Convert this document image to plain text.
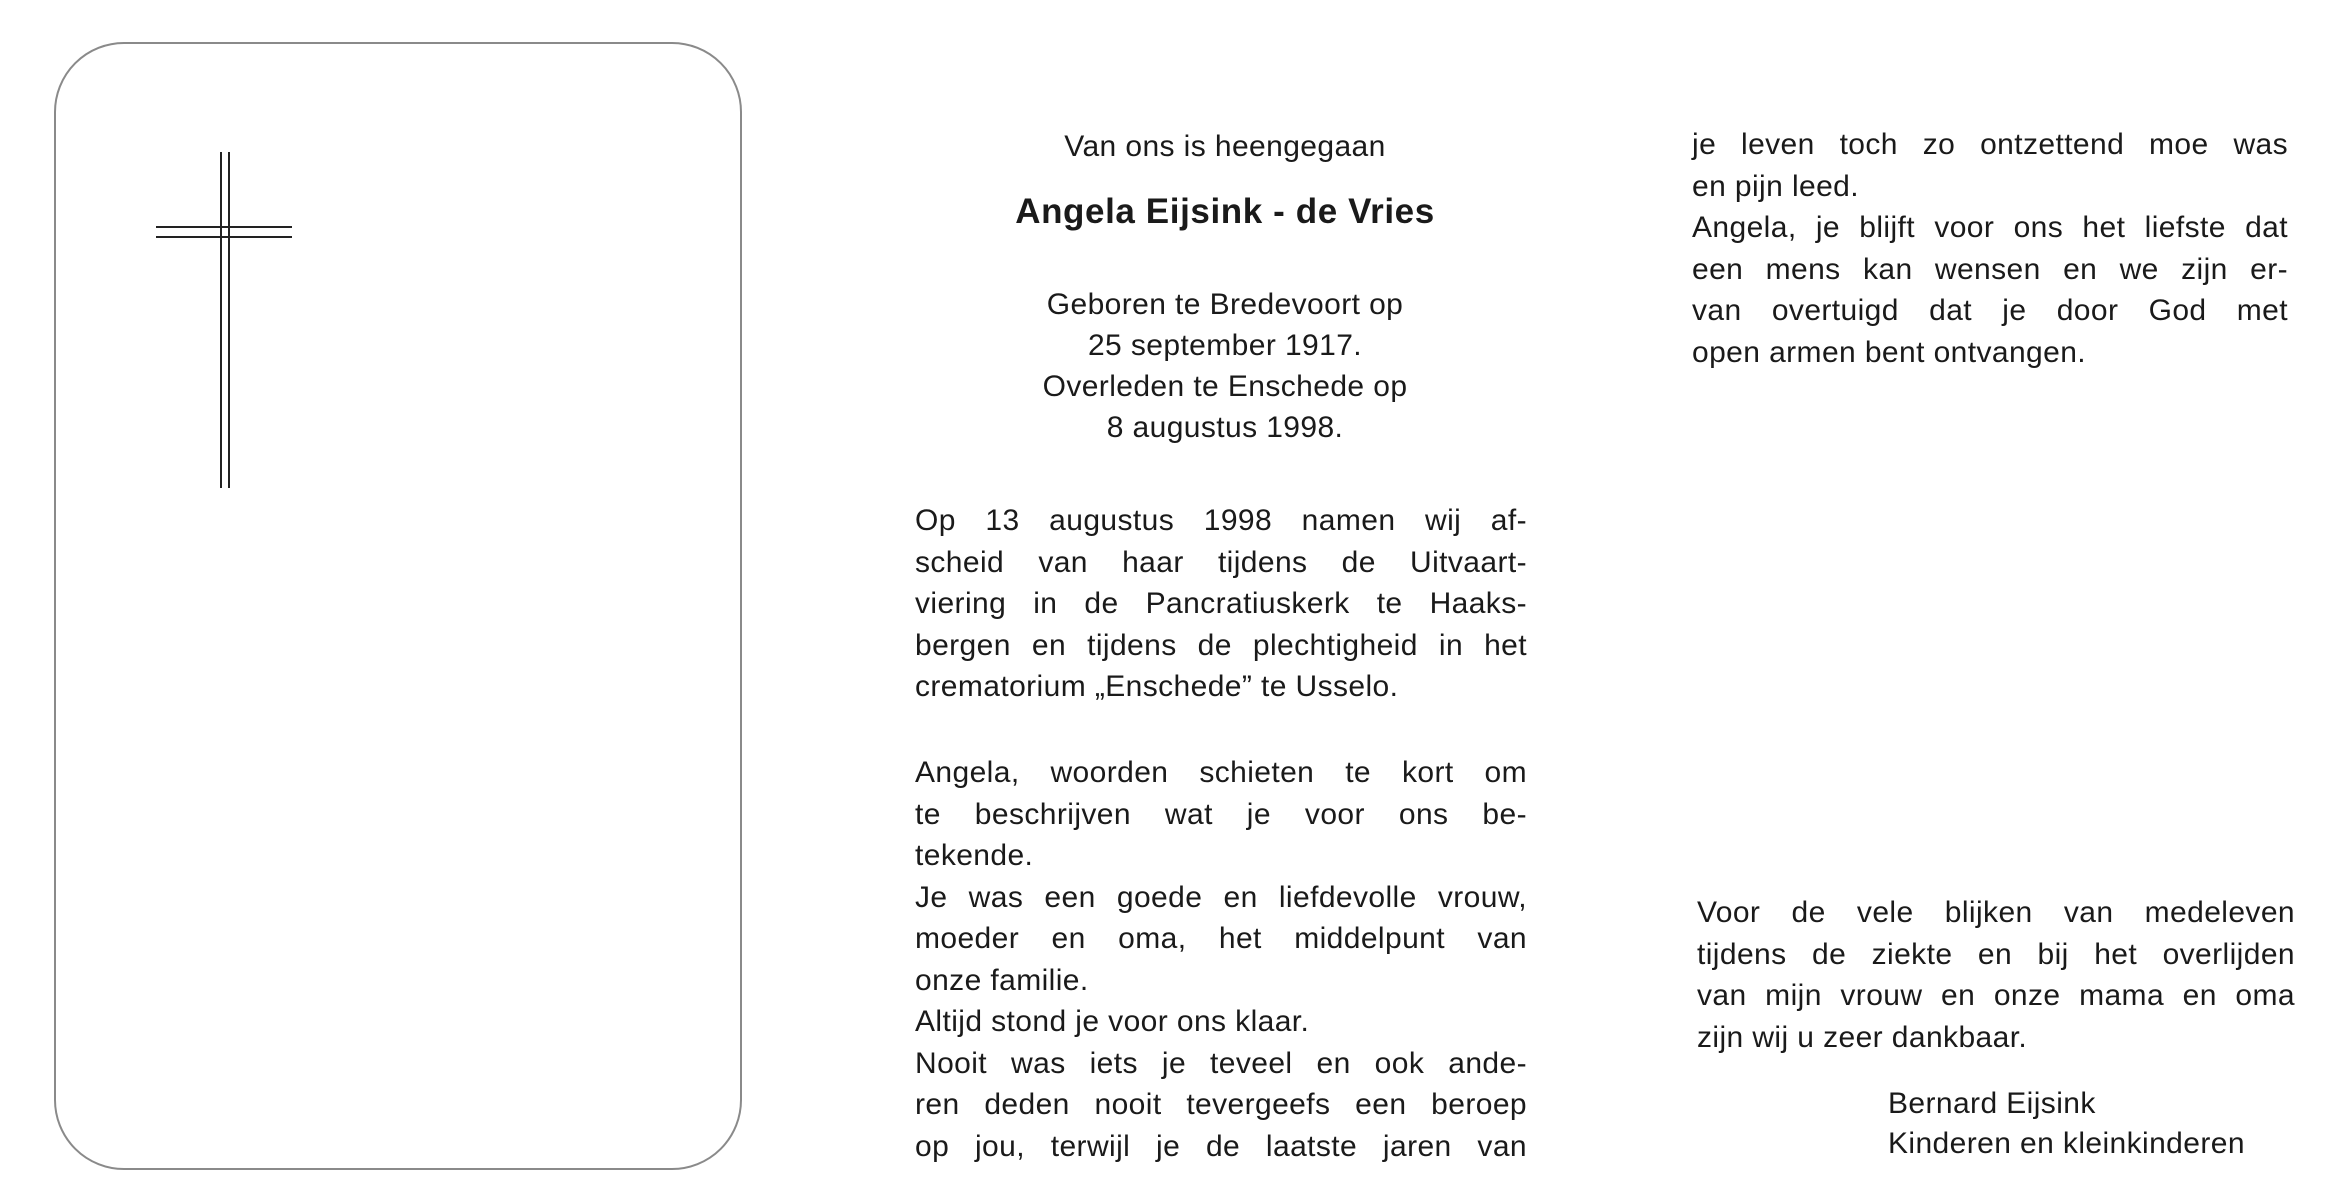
Van ons is heengegaan
Angela Eijsink - de Vries
Geboren te Bredevoort op
25 september 1917.
Overleden te Enschede op
8 augustus 1998.
Op 13 augustus 1998 namen wij af-
scheid van haar tijdens de Uitvaart-
viering in de Pancratiuskerk te Haaks-
bergen en tijdens de plechtigheid in het
crematorium „Enschede” te Usselo.
Angela, woorden schieten te kort om
te beschrijven wat je voor ons be-
tekende.
Je was een goede en liefdevolle vrouw,
moeder en oma, het middelpunt van
onze familie.
Altijd stond je voor ons klaar.
Nooit was iets je teveel en ook ande-
ren deden nooit tevergeefs een beroep
op jou, terwijl je de laatste jaren van
je leven toch zo ontzettend moe was
en pijn leed.
Angela, je blijft voor ons het liefste dat
een mens kan wensen en we zijn er-
van overtuigd dat je door God met
open armen bent ontvangen.
Voor de vele blijken van medeleven
tijdens de ziekte en bij het overlijden
van mijn vrouw en onze mama en oma
zijn wij u zeer dankbaar.
Bernard Eijsink
Kinderen en kleinkinderen
